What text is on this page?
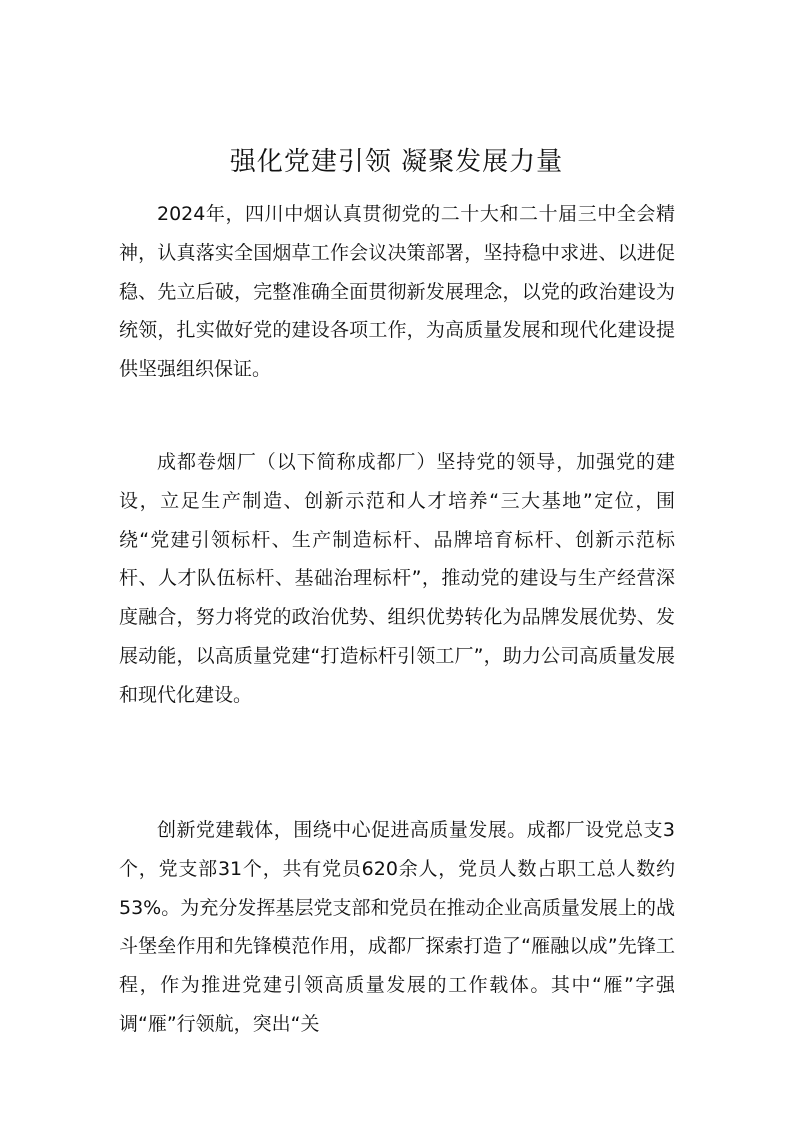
强化党建引领 凝聚发展力量

2024年，四川中烟认真贯彻党的二十大和二十届三中全会精神，认真落实全国烟草工作会议决策部署，坚持稳中求进、以进促稳、先立后破，完整准确全面贯彻新发展理念，以党的政治建设为统领，扎实做好党的建设各项工作，为高质量发展和现代化建设提供坚强组织保证。

成都卷烟厂（以下简称成都厂）坚持党的领导，加强党的建设，立足生产制造、创新示范和人才培养“三大基地”定位，围绕“党建引领标杆、生产制造标杆、品牌培育标杆、创新示范标杆、人才队伍标杆、基础治理标杆”，推动党的建设与生产经营深度融合，努力将党的政治优势、组织优势转化为品牌发展优势、发展动能，以高质量党建“打造标杆引领工厂”，助力公司高质量发展和现代化建设。

创新党建载体，围绕中心促进高质量发展。成都厂设党总支3个，党支部31个，共有党员620余人，党员人数占职工总人数约53%。为充分发挥基层党支部和党员在推动企业高质量发展上的战斗堡垒作用和先锋模范作用，成都厂探索打造了“雁融以成”先锋工程，作为推进党建引领高质量发展的工作载体。其中“雁”字强调“雁”行领航，突出“关
